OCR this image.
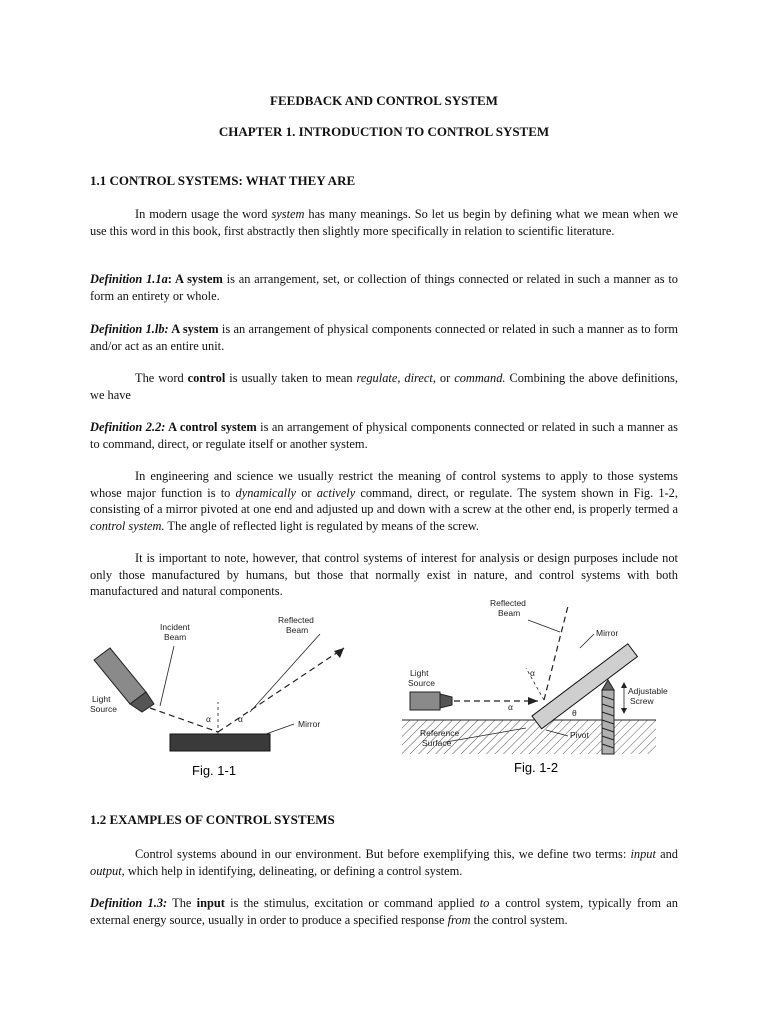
FEEDBACK AND CONTROL SYSTEM
CHAPTER 1. INTRODUCTION TO CONTROL SYSTEM
1.1 CONTROL SYSTEMS: WHAT THEY ARE

In modern usage the word system has many meanings. So let us begin by defining what we mean when we use this word in this book, first abstractly then slightly more specifically in relation to scientific literature.

Definition 1.1a: A system is an arrangement, set, or collection of things connected or related in such a manner as to form an entirety or whole.

Definition 1.lb: A system is an arrangement of physical components connected or related in such a manner as to form and/or act as an entire unit.

The word control is usually taken to mean regulate, direct, or command. Combining the above definitions, we have

Definition 2.2: A control system is an arrangement of physical components connected or related in such a manner as to command, direct, or regulate itself or another system.

In engineering and science we usually restrict the meaning of control systems to apply to those systems whose major function is to dynamically or actively command, direct, or regulate. The system shown in Fig. 1-2, consisting of a mirror pivoted at one end and adjusted up and down with a screw at the other end, is properly termed a control system. The angle of reflected light is regulated by means of the screw.

It is important to note, however, that control systems of interest for analysis or design purposes include not only those manufactured by humans, but those that normally exist in nature, and control systems with both manufactured and natural components.

Incident
Beam
Reflected
Beam
Light
Source
Mirror
α	α
Fig. 1-1
Reflected
Beam
Mirror
Light
Source
Adjustable
Screw
Reference
Surface
Pivot
α
α
θ
Fig. 1-2
1.2 EXAMPLES OF CONTROL SYSTEMS

Control systems abound in our environment. But before exemplifying this, we define two terms: input and output, which help in identifying, delineating, or defining a control system.

Definition 1.3: The input is the stimulus, excitation or command applied to a control system, typically from an external energy source, usually in order to produce a specified response from the control system.
